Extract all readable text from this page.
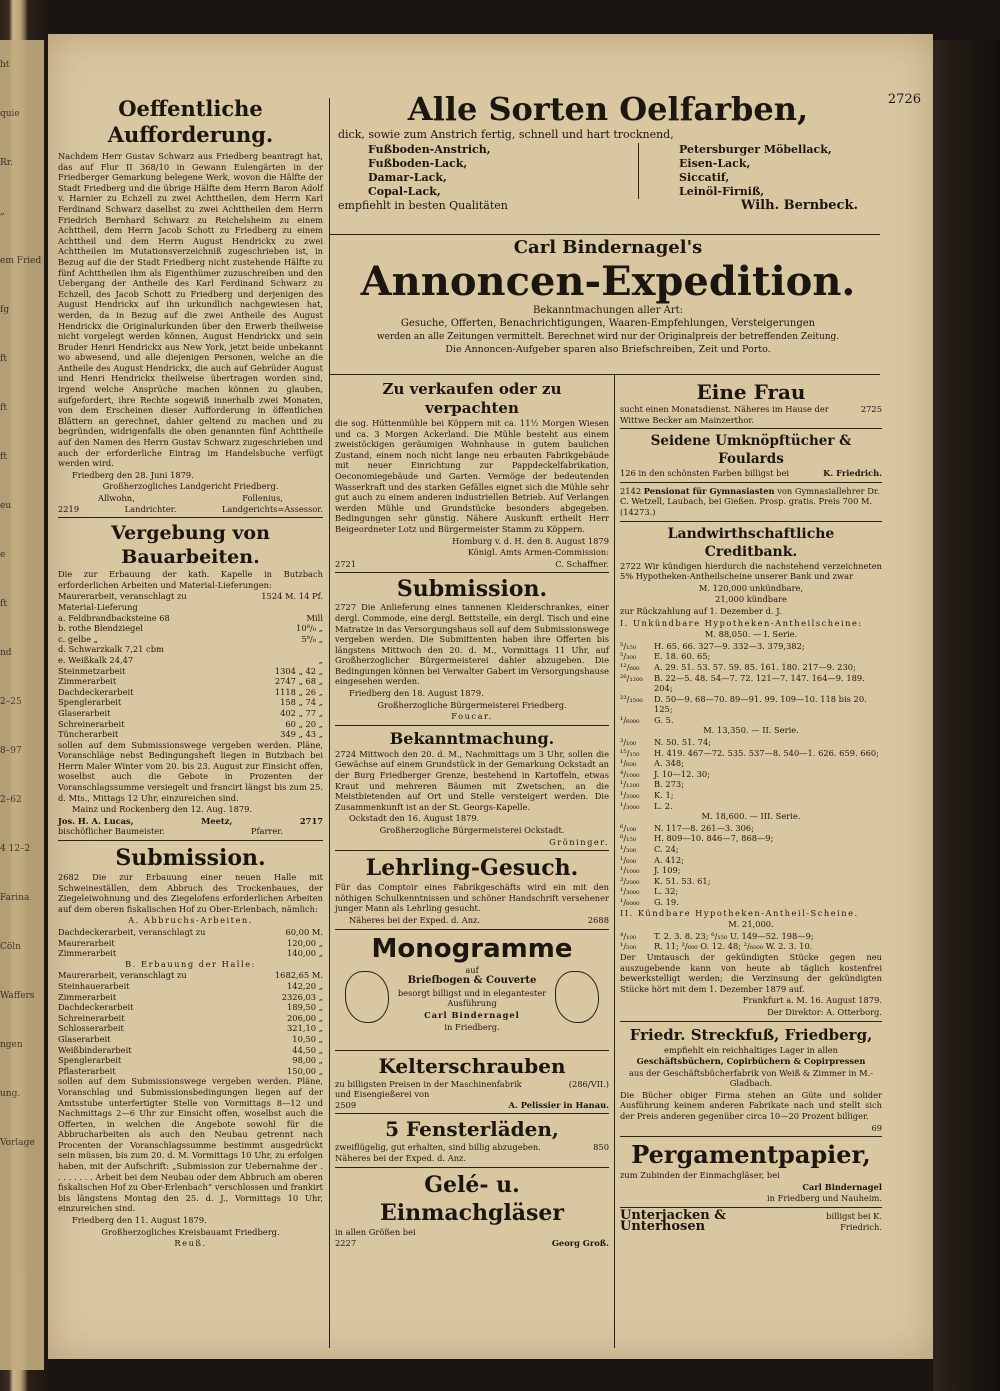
ht
quie
Rr.
„
em Fried
fg
ft
ft
ft
eu
e
ft
nd
2–25
8–97
2–62
4 12–2
Farina
Cöln
Waffers
ngen
ung.
Vorlage
2726
Oeffentliche Aufforderung.

Nachdem Herr Gustav Schwarz aus Friedberg beantragt hat, das auf Flur II 368/10 in Gewann Eulengärten in der Friedberger Gemarkung belegene Werk, wovon die Hälfte der Stadt Friedberg und die übrige Hälfte dem Herrn Baron Adolf v. Harnier zu Echzell zu zwei Achttheilen, dem Herrn Karl Ferdinand Schwarz daselbst zu zwei Achttheilen dem Herrn Friedrich Bernhard Schwarz zu Reichelsheim zu einem Achttheil, dem Herrn Jacob Schott zu Friedberg zu einem Achttheil und dem Herrn August Hendrickx zu zwei Achttheilen im Mutationsverzeichniß zugeschrieben ist, in Bezug auf die der Stadt Friedberg nicht zustehende Hälfte zu fünf Achttheilen ihm als Eigenthümer zuzuschreiben und den Uebergang der Antheile des Karl Ferdinand Schwarz zu Echzell, des Jacob Schott zu Friedberg und derjenigen des August Hendrickx auf ihn urkundlich nachgewiesen hat, werden, da in Bezug auf die zwei Antheile des August Hendrickx die Originalurkunden über den Erwerb theilweise nicht vorgelegt werden können, August Hendrickx und sein Bruder Henri Hendrickx aus New York, jetzt beide unbekannt wo abwesend, und alle diejenigen Personen, welche an die Antheile des August Hendrickx, die auch auf Gebrüder August und Henri Hendrickx theilweise übertragen worden sind, irgend welche Ansprüche machen können zu glauben, aufgefordert, ihre Rechte sogewiß innerhalb zwei Monaten, von dem Erscheinen dieser Aufforderung in öffentlichen Blättern an gerechnet, dahier geltend zu machen und zu begründen, widrigenfalls die oben genannten fünf Achttheile auf den Namen des Herrn Gustav Schwarz zugeschrieben und auch der erforderliche Eintrag im Handelsbuche verfügt werden wird.

Friedberg den 28. Juni 1879.

Großherzogliches Landgericht Friedberg.

Allwohn,	Follenius,
2219	Landrichter.	Landgerichts=Assessor.
Vergebung von Bauarbeiten.

Die zur Erbauung der kath. Kapelle in Butzbach erforderlichen Arbeiten und Material-Lieferungen:

Maurerarbeit, veranschlagt zu	1524 M. 14 Pf.
Material-Lieferung
a. Feldbrandbacksteine 68	Mill
b. rothe Blendziegel	10⁸/₀ „
c. gelbe „	5⁸/₀ „
d. Schwarzkalk 7,21 cbm
e. Weißkalk 24,47	„
Steinmetzarbeit	1304 „ 42 „
Zimmerarbeit	2747 „ 68 „
Dachdeckerarbeit	1118 „ 26 „
Spenglerarbeit	158 „ 74 „
Glaserarbeit	402 „ 77 „
Schreinerarbeit	60 „ 20 „
Tüncherarbeit	349 „ 43 „

sollen auf dem Submissionswege vergeben werden. Pläne, Voranschläge nebst Bedingungsheft liegen in Butzbach bei Herrn Maler Winter vom 20. bis 23. August zur Einsicht offen, woselbst auch die Gebote in Prozenten der Voranschlagssumme versiegelt und francirt längst bis zum 25. d. Mts., Mittags 12 Uhr, einzureichen sind.

Mainz und Rockenberg den 12. Aug. 1879.

Jos. H. A. Lucas,	Meetz,	2717
bischöflicher Baumeister.	Pfarrer.
Submission.

2682 Die zur Erbauung einer neuen Halle mit Schweineställen, dem Abbruch des Trockenbaues, der Ziegeleiwohnung und des Ziegelofens erforderlichen Arbeiten auf dem oberen fiskalischen Hof zu Ober-Erlenbach, nämlich:

A. Abbruchs-Arbeiten.

Dachdeckerarbeit, veranschlagt zu	60,00 M.
Maurerarbeit	120,00 „
Zimmerarbeit	140,00 „

B. Erbauung der Halle:

Maurerarbeit, veranschlagt zu	1682,65 M.
Steinhauerarbeit	142,20 „
Zimmerarbeit	2326,03 „
Dachdeckerarbeit	189,50 „
Schreinerarbeit	206,00 „
Schlosserarbeit	321,10 „
Glaserarbeit	10,50 „
Weißbinderarbeit	44,50 „
Spenglerarbeit	98,00 „
Pflasterarbeit	150,00 „

sollen auf dem Submissionswege vergeben werden. Pläne, Voranschlag und Submissionsbedingungen liegen auf der Amtsstube unterfertigter Stelle von Vormittags 8—12 und Nachmittags 2—6 Uhr zur Einsicht offen, woselbst auch die Offerten, in welchen die Angebote sowohl für die Abbrucharbeiten als auch den Neubau getrennt nach Procenten der Voranschlagssumme bestimmt ausgedrückt sein müssen, bis zum 20. d. M. Vormittags 10 Uhr, zu erfolgen haben, mit der Aufschrift: „Submission zur Uebernahme der . . . . . . . . Arbeit bei dem Neubau oder dem Abbruch am oberen fiskalischen Hof zu Ober-Erlenbach“ verschlossen und frankirt bis längstens Montag den 25. d. J., Vormittags 10 Uhr, einzureichen sind.

Friedberg den 11. August 1879.

Großherzogliches Kreisbauamt Friedberg.

Reuß.

Alle Sorten Oelfarben,

dick, sowie zum Anstrich fertig, schnell und hart trocknend,

Fußboden-Anstrich,
Fußboden-Lack,
Damar-Lack,
Copal-Lack,
Petersburger Möbellack,
Eisen-Lack,
Siccatif,
Leinöl-Firniß,
empfiehlt in besten Qualitäten	Wilh. Bernbeck.
Carl Bindernagel's
Annoncen-Expedition.

Bekanntmachungen aller Art:

Gesuche, Offerten, Benachrichtigungen, Waaren-Empfehlungen, Versteigerungen

werden an alle Zeitungen vermittelt. Berechnet wird nur der Originalpreis der betreffenden Zeitung.

Die Annoncen-Aufgeber sparen also Briefschreiben, Zeit und Porto.

Zu verkaufen oder zu verpachten

die sog. Hüttenmühle bei Köppern mit ca. 11½ Morgen Wiesen und ca. 3 Morgen Ackerland. Die Mühle besteht aus einem zweistöckigen geräumigen Wohnhause in gutem baulichen Zustand, einem noch nicht lange neu erbauten Fabrikgebäude mit neuer Einrichtung zur Pappdeckelfabrikation, Oeconomiegebäude und Garten. Vermöge der bedeutenden Wasserkraft und des starken Gefälles eignet sich die Mühle sehr gut auch zu einem anderen industriellen Betrieb. Auf Verlangen werden Mühle und Grundstücke besonders abgegeben. Bedingungen sehr günstig. Nähere Auskunft ertheilt Herr Beigeordneter Lotz und Bürgermeister Stamm zu Köppern.

Homburg v. d. H. den 8. August 1879

Königl. Amts Armen-Commission:

2721	C. Schaffner.
Submission.

2727 Die Anlieferung eines tannenen Kleiderschrankes, einer dergl. Commode, eine dergl. Bettstelle, ein dergl. Tisch und eine Matratze in das Versorgungshaus soll auf dem Submissionswege vergeben werden. Die Submittenten haben ihre Offerten bis längstens Mittwoch den 20. d. M., Vormittags 11 Uhr, auf Großherzoglicher Bürgermeisterei dahier abzugeben. Die Bedingungen können bei Verwalter Gabert im Versorgungshause eingesehen werden.

Friedberg den 18. August 1879.

Großherzogliche Bürgermeisterei Friedberg.

Foucar.

Bekanntmachung.

2724 Mittwoch den 20. d. M., Nachmittags um 3 Uhr, sollen die Gewächse auf einem Grundstück in der Gemarkung Ockstadt an der Burg Friedberger Grenze, bestehend in Kartoffeln, etwas Kraut und mehreren Bäumen mit Zwetschen, an die Meistbietenden auf Ort und Stelle versteigert werden. Die Zusammenkunft ist an der St. Georgs-Kapelle.

Ockstadt den 16. August 1879.

Großherzogliche Bürgermeisterei Ockstadt.

Gröninger.

Lehrling-Gesuch.

Für das Comptoir eines Fabrikgeschäfts wird ein mit den nöthigen Schulkenntnissen und schöner Handschrift versehener junger Mann als Lehrling gesucht.

Näheres bei der Exped. d. Anz.	2688
Monogramme

auf

Briefbogen & Couverte

besorgt billigst und in elegantester Ausführung

Carl Bindernagel

in Friedberg.

Kelterschrauben
zu billigsten Preisen in der Maschinenfabrik und Eisengießerei von
(286/VII.)
2509	A. Pelissier in Hanau.
5 Fensterläden,
zweiflügelig, gut erhalten, sind billig abzugeben. Näheres bei der Exped. d. Anz.
850
Gelé- u. Einmachgläser

in allen Größen bei

2227	Georg Groß.
Eine Frau
sucht einen Monatsdienst. Näheres im Hause der Wittwe Becker am Mainzerthor.
2725
Seidene Umknöpftücher & Foulards
126 in den schönsten Farben billigst bei	K. Friedrich.

2142 Pensionat für Gymnasiasten von Gymnasiallehrer Dr. C. Wetzell, Laubach, bei Gießen. Prosp. gratis. Preis 700 M. (14273.)

Landwirthschaftliche Creditbank.

2722 Wir kündigen hierdurch die nachstehend verzeichneten 5% Hypotheken-Antheilscheine unserer Bank und zwar

M. 120,000 unkündbare,

21,000 kündbare

zur Rückzahlung auf 1. Dezember d. J.

I. Unkündbare Hypotheken-Antheilscheine:

M. 88,050. — I. Serie.

⁵/₁₅₀	H. 65. 66. 327—9. 332—3. 379,382;
⁵/₃₀₀	E. 18. 60. 65;
¹²/₆₀₀	A. 29. 51. 53. 57. 59. 85. 161. 180. 217—9. 230;
²⁶/₁₂₀₀	B. 22—5. 48. 54—7. 72. 121—7. 147. 164—9. 189. 204;
²³/₁₅₀₀	D. 50—9. 68—70. 89—91. 99. 109—10. 118 bis 20. 125;
¹/₆₀₀₀	G. 5.

M. 13,350. — II. Serie.

³/₁₀₀	N. 50. 51. 74;
¹⁵/₁₅₀	H. 419. 467—72. 535. 537—8. 540—1. 626. 659. 660;
¹/₆₀₀	A. 348;
⁴/₁₀₀₀	J. 10—12. 30;
¹/₁₂₀₀	B. 273;
¹/₂₀₀₀	K. 1;
¹/₃₀₀₀	L. 2.

M. 18,600. — III. Serie.

⁶/₁₀₀	N. 117—8. 261—3. 306;
⁶/₁₅₀	H. 809—10. 846—7, 868—9;
¹/₃₀₀	C. 24;
¹/₆₀₀	A. 412;
¹/₁₀₀₀	J. 109;
³/₂₀₀₀	K. 51. 53. 61;
¹/₃₀₀₀	L. 32;
¹/₆₀₀₀	G. 19.

II. Kündbare Hypotheken-Antheil-Scheine.

M. 21,000.

⁴/₁₀₀	T. 2. 3. 8. 23; ⁶/₁₅₀ U. 149—52. 198—9;
¹/₅₀₀	R. 11; ²/₆₀₀ O. 12. 48; ²/₆₀₀₀ W. 2. 3. 10.

Der Umtausch der gekündigten Stücke gegen neu auszugebende kann von heute ab täglich kostenfrei bewerkstelligt werden; die Verzinsung der gekündigten Stücke hört mit dem 1. Dezember 1879 auf.

Frankfurt a. M. 16. August 1879.

Der Direktor: A. Otterborg.

Friedr. Streckfuß, Friedberg,

empfiehlt ein reichhaltiges Lager in allen

Geschäftsbüchern, Copirbüchern & Copirpressen

aus der Geschäftsbücherfabrik von Weiß & Zimmer in M.-Gladbach.

Die Bücher obiger Firma stehen an Güte und solider Ausführung keinem anderen Fabrikate nach und stellt sich der Preis anderen gegenüber circa 10—20 Prozent billiger.

69

Pergamentpapier,

zum Zubinden der Einmachgläser, bei

Carl Bindernagel

in Friedberg und Nauheim.

Unterjacken & Unterhosen
billigst bei K. Friedrich.
